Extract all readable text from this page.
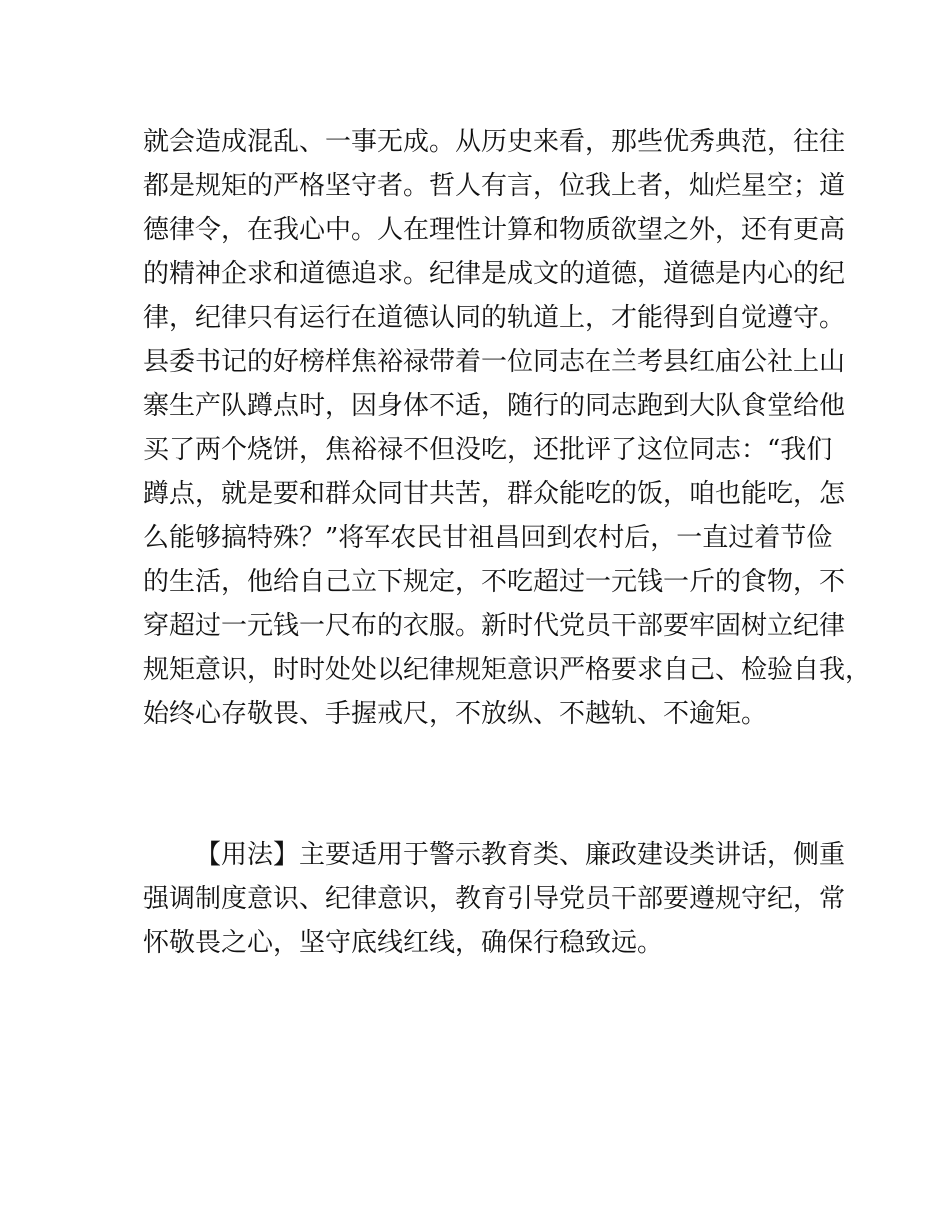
就会造成混乱、一事无成。从历史来看，那些优秀典范，往往
都是规矩的严格坚守者。哲人有言，位我上者，灿烂星空；道
德律令，在我心中。人在理性计算和物质欲望之外，还有更高
的精神企求和道德追求。纪律是成文的道德，道德是内心的纪
律，纪律只有运行在道德认同的轨道上，才能得到自觉遵守。
县委书记的好榜样焦裕禄带着一位同志在兰考县红庙公社上山
寨生产队蹲点时，因身体不适，随行的同志跑到大队食堂给他
买了两个烧饼，焦裕禄不但没吃，还批评了这位同志：“我们
蹲点，就是要和群众同甘共苦，群众能吃的饭，咱也能吃，怎
么能够搞特殊？”将军农民甘祖昌回到农村后，一直过着节俭
的生活，他给自己立下规定，不吃超过一元钱一斤的食物，不
穿超过一元钱一尺布的衣服。新时代党员干部要牢固树立纪律
规矩意识，时时处处以纪律规矩意识严格要求自己、检验自我，
始终心存敬畏、手握戒尺，不放纵、不越轨、不逾矩。
【用法】主要适用于警示教育类、廉政建设类讲话，侧重
强调制度意识、纪律意识，教育引导党员干部要遵规守纪，常
怀敬畏之心，坚守底线红线，确保行稳致远。
